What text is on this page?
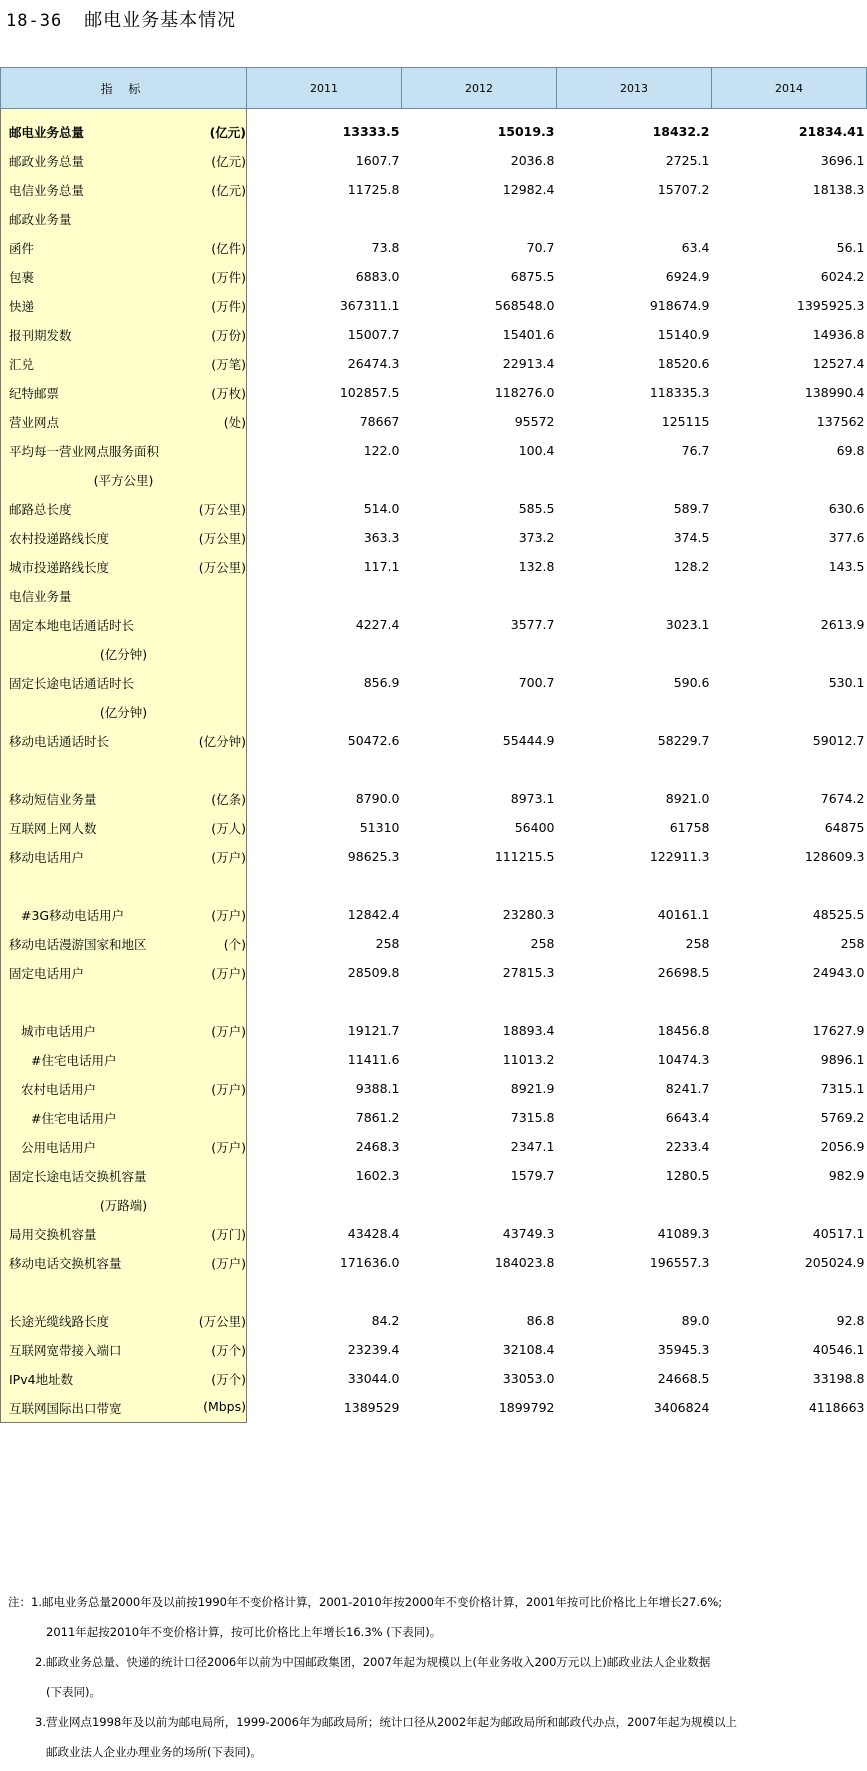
18-36 邮电业务基本情况
指 标	2011	2012	2013	2014
邮电业务总量 (亿元)	13333.5	15019.3	18432.2	21834.41
邮政业务总量 (亿元)	1607.7	2036.8	2725.1	3696.1
电信业务总量 (亿元)	11725.8	12982.4	15707.2	18138.3
邮政业务量				
函件 (亿件)	73.8	70.7	63.4	56.1
包裹 (万件)	6883.0	6875.5	6924.9	6024.2
快递 (万件)	367311.1	568548.0	918674.9	1395925.3
报刊期发数 (万份)	15007.7	15401.6	15140.9	14936.8
汇兑 (万笔)	26474.3	22913.4	18520.6	12527.4
纪特邮票 (万枚)	102857.5	118276.0	118335.3	138990.4
营业网点 (处)	78667	95572	125115	137562
平均每一营业网点服务面积	122.0	100.4	76.7	69.8
(平方公里)				
邮路总长度 (万公里)	514.0	585.5	589.7	630.6
农村投递路线长度 (万公里)	363.3	373.2	374.5	377.6
城市投递路线长度 (万公里)	117.1	132.8	128.2	143.5
电信业务量				
固定本地电话通话时长	4227.4	3577.7	3023.1	2613.9
(亿分钟)				
固定长途电话通话时长	856.9	700.7	590.6	530.1
(亿分钟)				
移动电话通话时长 (亿分钟)	50472.6	55444.9	58229.7	59012.7

移动短信业务量 (亿条)	8790.0	8973.1	8921.0	7674.2
互联网上网人数 (万人)	51310	56400	61758	64875
移动电话用户 (万户)	98625.3	111215.5	122911.3	128609.3

#3G移动电话用户 (万户)	12842.4	23280.3	40161.1	48525.5
移动电话漫游国家和地区 (个)	258	258	258	258
固定电话用户 (万户)	28509.8	27815.3	26698.5	24943.0

城市电话用户 (万户)	19121.7	18893.4	18456.8	17627.9
#住宅电话用户	11411.6	11013.2	10474.3	9896.1
农村电话用户 (万户)	9388.1	8921.9	8241.7	7315.1
#住宅电话用户	7861.2	7315.8	6643.4	5769.2
公用电话用户 (万户)	2468.3	2347.1	2233.4	2056.9
固定长途电话交换机容量	1602.3	1579.7	1280.5	982.9
(万路端)				
局用交换机容量 (万门)	43428.4	43749.3	41089.3	40517.1
移动电话交换机容量 (万户)	171636.0	184023.8	196557.3	205024.9

长途光缆线路长度 (万公里)	84.2	86.8	89.0	92.8
互联网宽带接入端口 (万个)	23239.4	32108.4	35945.3	40546.1
IPv4地址数 (万个)	33044.0	33053.0	24668.5	33198.8
互联网国际出口带宽 (Mbps)	1389529	1899792	3406824	4118663
注：1.邮电业务总量2000年及以前按1990年不变价格计算，2001-2010年按2000年不变价格计算，2001年按可比价格比上年增长27.6%;
2011年起按2010年不变价格计算，按可比价格比上年增长16.3% (下表同)。
2.邮政业务总量、快递的统计口径2006年以前为中国邮政集团，2007年起为规模以上(年业务收入200万元以上)邮政业法人企业数据
(下表同)。
3.营业网点1998年及以前为邮电局所，1999-2006年为邮政局所；统计口径从2002年起为邮政局所和邮政代办点，2007年起为规模以上
邮政业法人企业办理业务的场所(下表同)。
